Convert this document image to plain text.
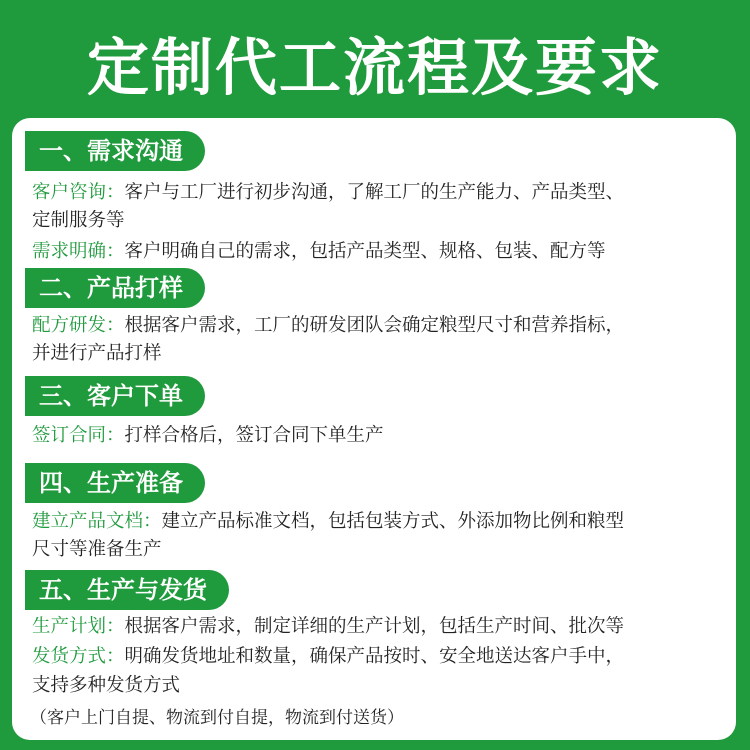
定制代工流程及要求
一、需求沟通
客户咨询：客户与工厂进行初步沟通，了解工厂的生产能力、产品类型、
定制服务等
需求明确：客户明确自己的需求，包括产品类型、规格、包装、配方等
二、产品打样
配方研发：根据客户需求，工厂的研发团队会确定粮型尺寸和营养指标，
并进行产品打样
三、客户下单
签订合同：打样合格后，签订合同下单生产
四、生产准备
建立产品文档：建立产品标准文档，包括包装方式、外添加物比例和粮型
尺寸等准备生产
五、生产与发货
生产计划：根据客户需求，制定详细的生产计划，包括生产时间、批次等
发货方式：明确发货地址和数量，确保产品按时、安全地送达客户手中，
支持多种发货方式
（客户上门自提、物流到付自提，物流到付送货）
